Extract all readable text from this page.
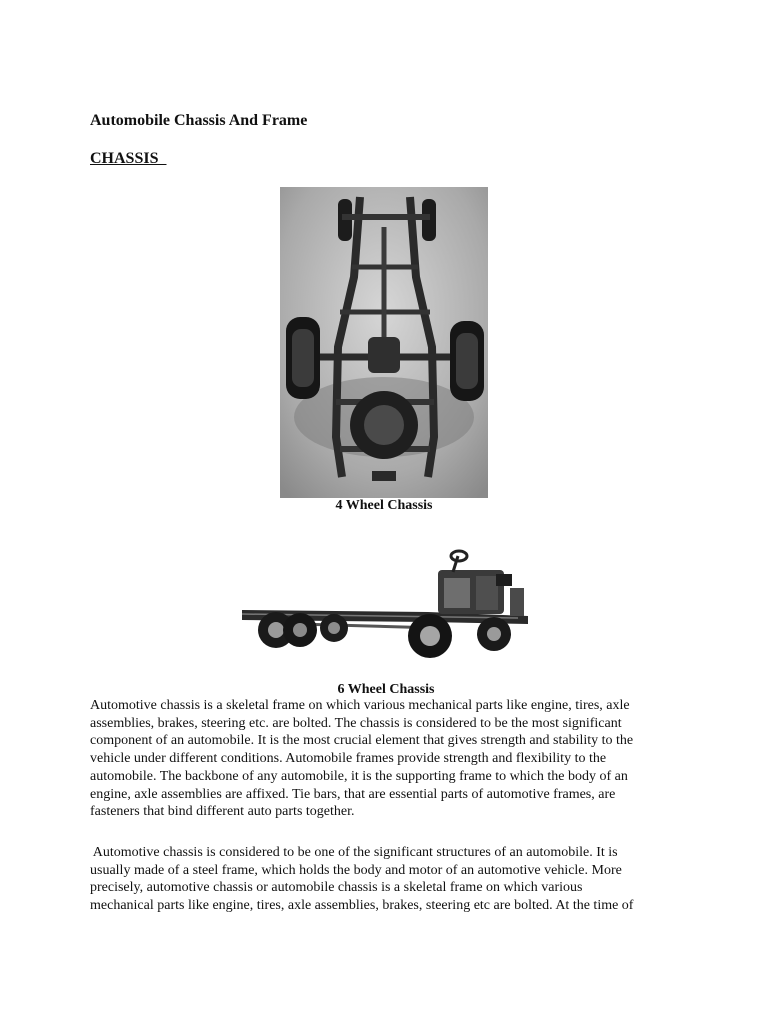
Automobile Chassis And Frame
CHASSIS
4 Wheel Chassis
6 Wheel Chassis
Automotive chassis is a skeletal frame on which various mechanical parts like engine, tires, axle
assemblies, brakes, steering etc. are bolted. The chassis is considered to be the most significant
component of an automobile. It is the most crucial element that gives strength and stability to the
vehicle under different conditions. Automobile frames provide strength and flexibility to the
automobile. The backbone of any automobile, it is the supporting frame to which the body of an
engine, axle assemblies are affixed. Tie bars, that are essential parts of automotive frames, are
fasteners that bind different auto parts together.
Automotive chassis is considered to be one of the significant structures of an automobile. It is
usually made of a steel frame, which holds the body and motor of an automotive vehicle. More
precisely, automotive chassis or automobile chassis is a skeletal frame on which various
mechanical parts like engine, tires, axle assemblies, brakes, steering etc are bolted. At the time of
